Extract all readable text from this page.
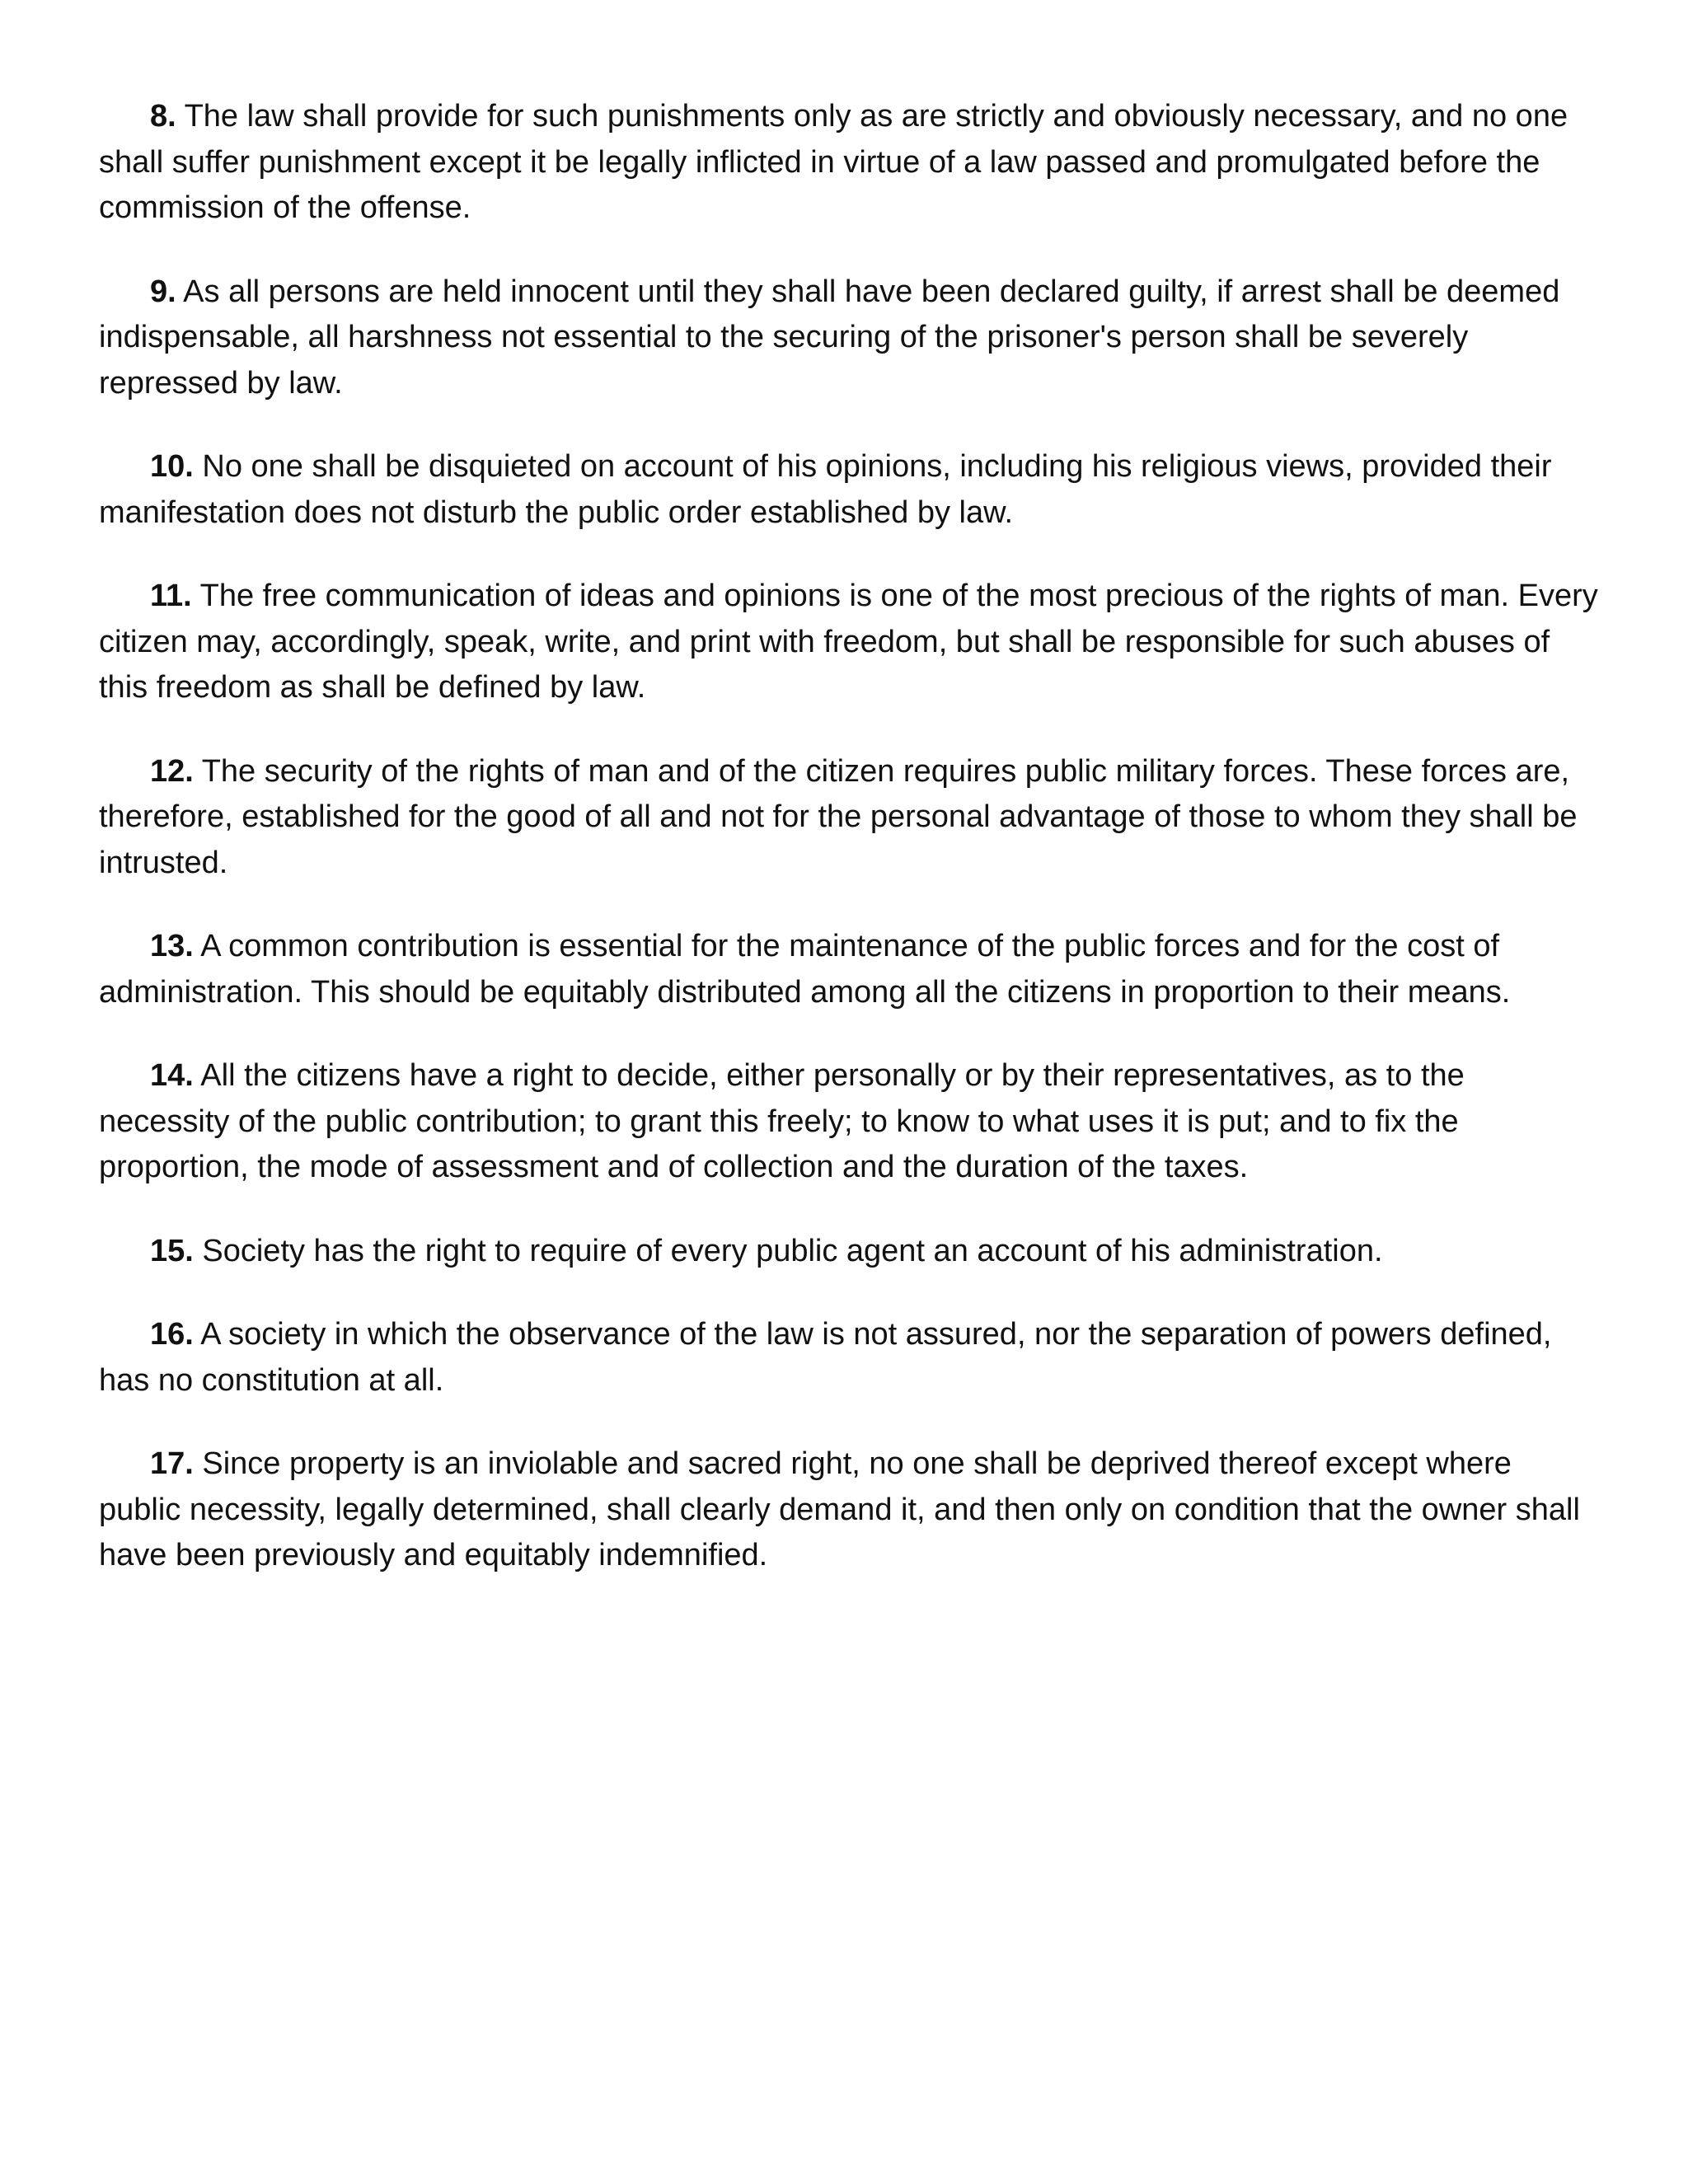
8. The law shall provide for such punishments only as are strictly and obviously necessary, and no one shall suffer punishment except it be legally inflicted in virtue of a law passed and promulgated before the commission of the offense.

9. As all persons are held innocent until they shall have been declared guilty, if arrest shall be deemed indispensable, all harshness not essential to the securing of the prisoner's person shall be severely repressed by law.

10. No one shall be disquieted on account of his opinions, including his religious views, provided their manifestation does not disturb the public order established by law.

11. The free communication of ideas and opinions is one of the most precious of the rights of man. Every citizen may, accordingly, speak, write, and print with freedom, but shall be responsible for such abuses of this freedom as shall be defined by law.

12. The security of the rights of man and of the citizen requires public military forces. These forces are, therefore, established for the good of all and not for the personal advantage of those to whom they shall be intrusted.

13. A common contribution is essential for the maintenance of the public forces and for the cost of administration. This should be equitably distributed among all the citizens in proportion to their means.

14. All the citizens have a right to decide, either personally or by their representatives, as to the necessity of the public contribution; to grant this freely; to know to what uses it is put; and to fix the proportion, the mode of assessment and of collection and the duration of the taxes.

15. Society has the right to require of every public agent an account of his administration.

16. A society in which the observance of the law is not assured, nor the separation of powers defined, has no constitution at all.

17. Since property is an inviolable and sacred right, no one shall be deprived thereof except where public necessity, legally determined, shall clearly demand it, and then only on condition that the owner shall have been previously and equitably indemnified.
